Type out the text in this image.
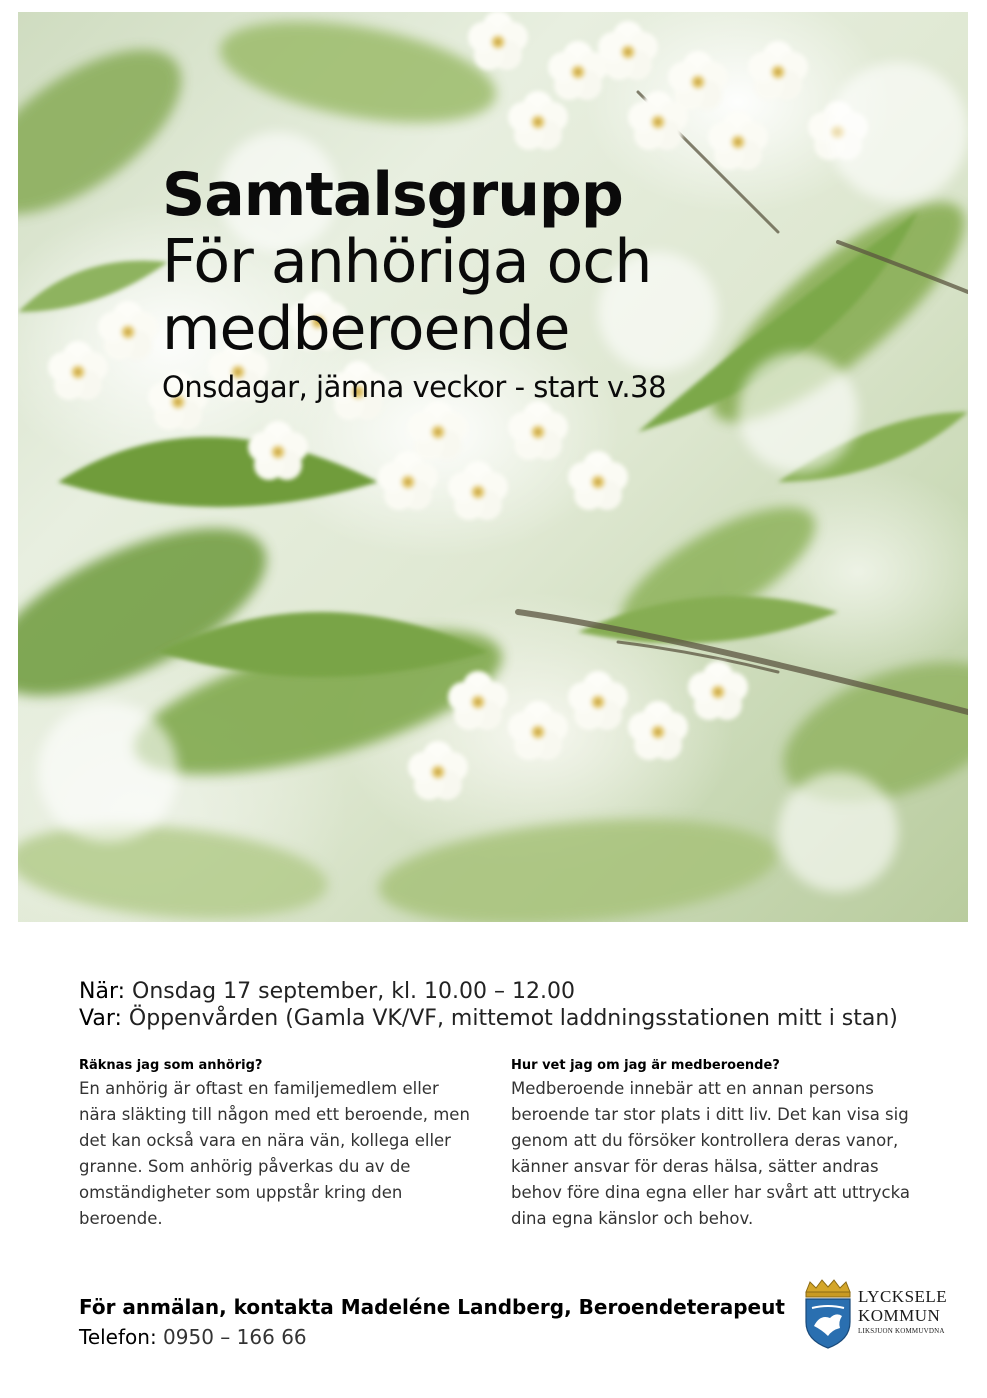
Samtalsgrupp
För anhöriga och
medberoende
Onsdagar, jämna veckor - start v.38
När: Onsdag 17 september, kl. 10.00 – 12.00
Var: Öppenvården (Gamla VK/VF, mittemot laddningsstationen mitt i stan)
Räknas jag som anhörig?

En anhörig är oftast en familjemedlem eller nära släkting till någon med ett beroende, men det kan också vara en nära vän, kollega eller granne. Som anhörig påverkas du av de omständigheter som uppstår kring den beroende.

Hur vet jag om jag är medberoende?

Medberoende innebär att en annan persons beroende tar stor plats i ditt liv. Det kan visa sig genom att du försöker kontrollera deras vanor, känner ansvar för deras hälsa, sätter andras behov före dina egna eller har svårt att uttrycka dina egna känslor och behov.

För anmälan, kontakta Madeléne Landberg, Beroendeterapeut
Telefon: 0950 – 166 66
LYCKSELE
KOMMUN
LIKSJUON KOMMUVDNA
